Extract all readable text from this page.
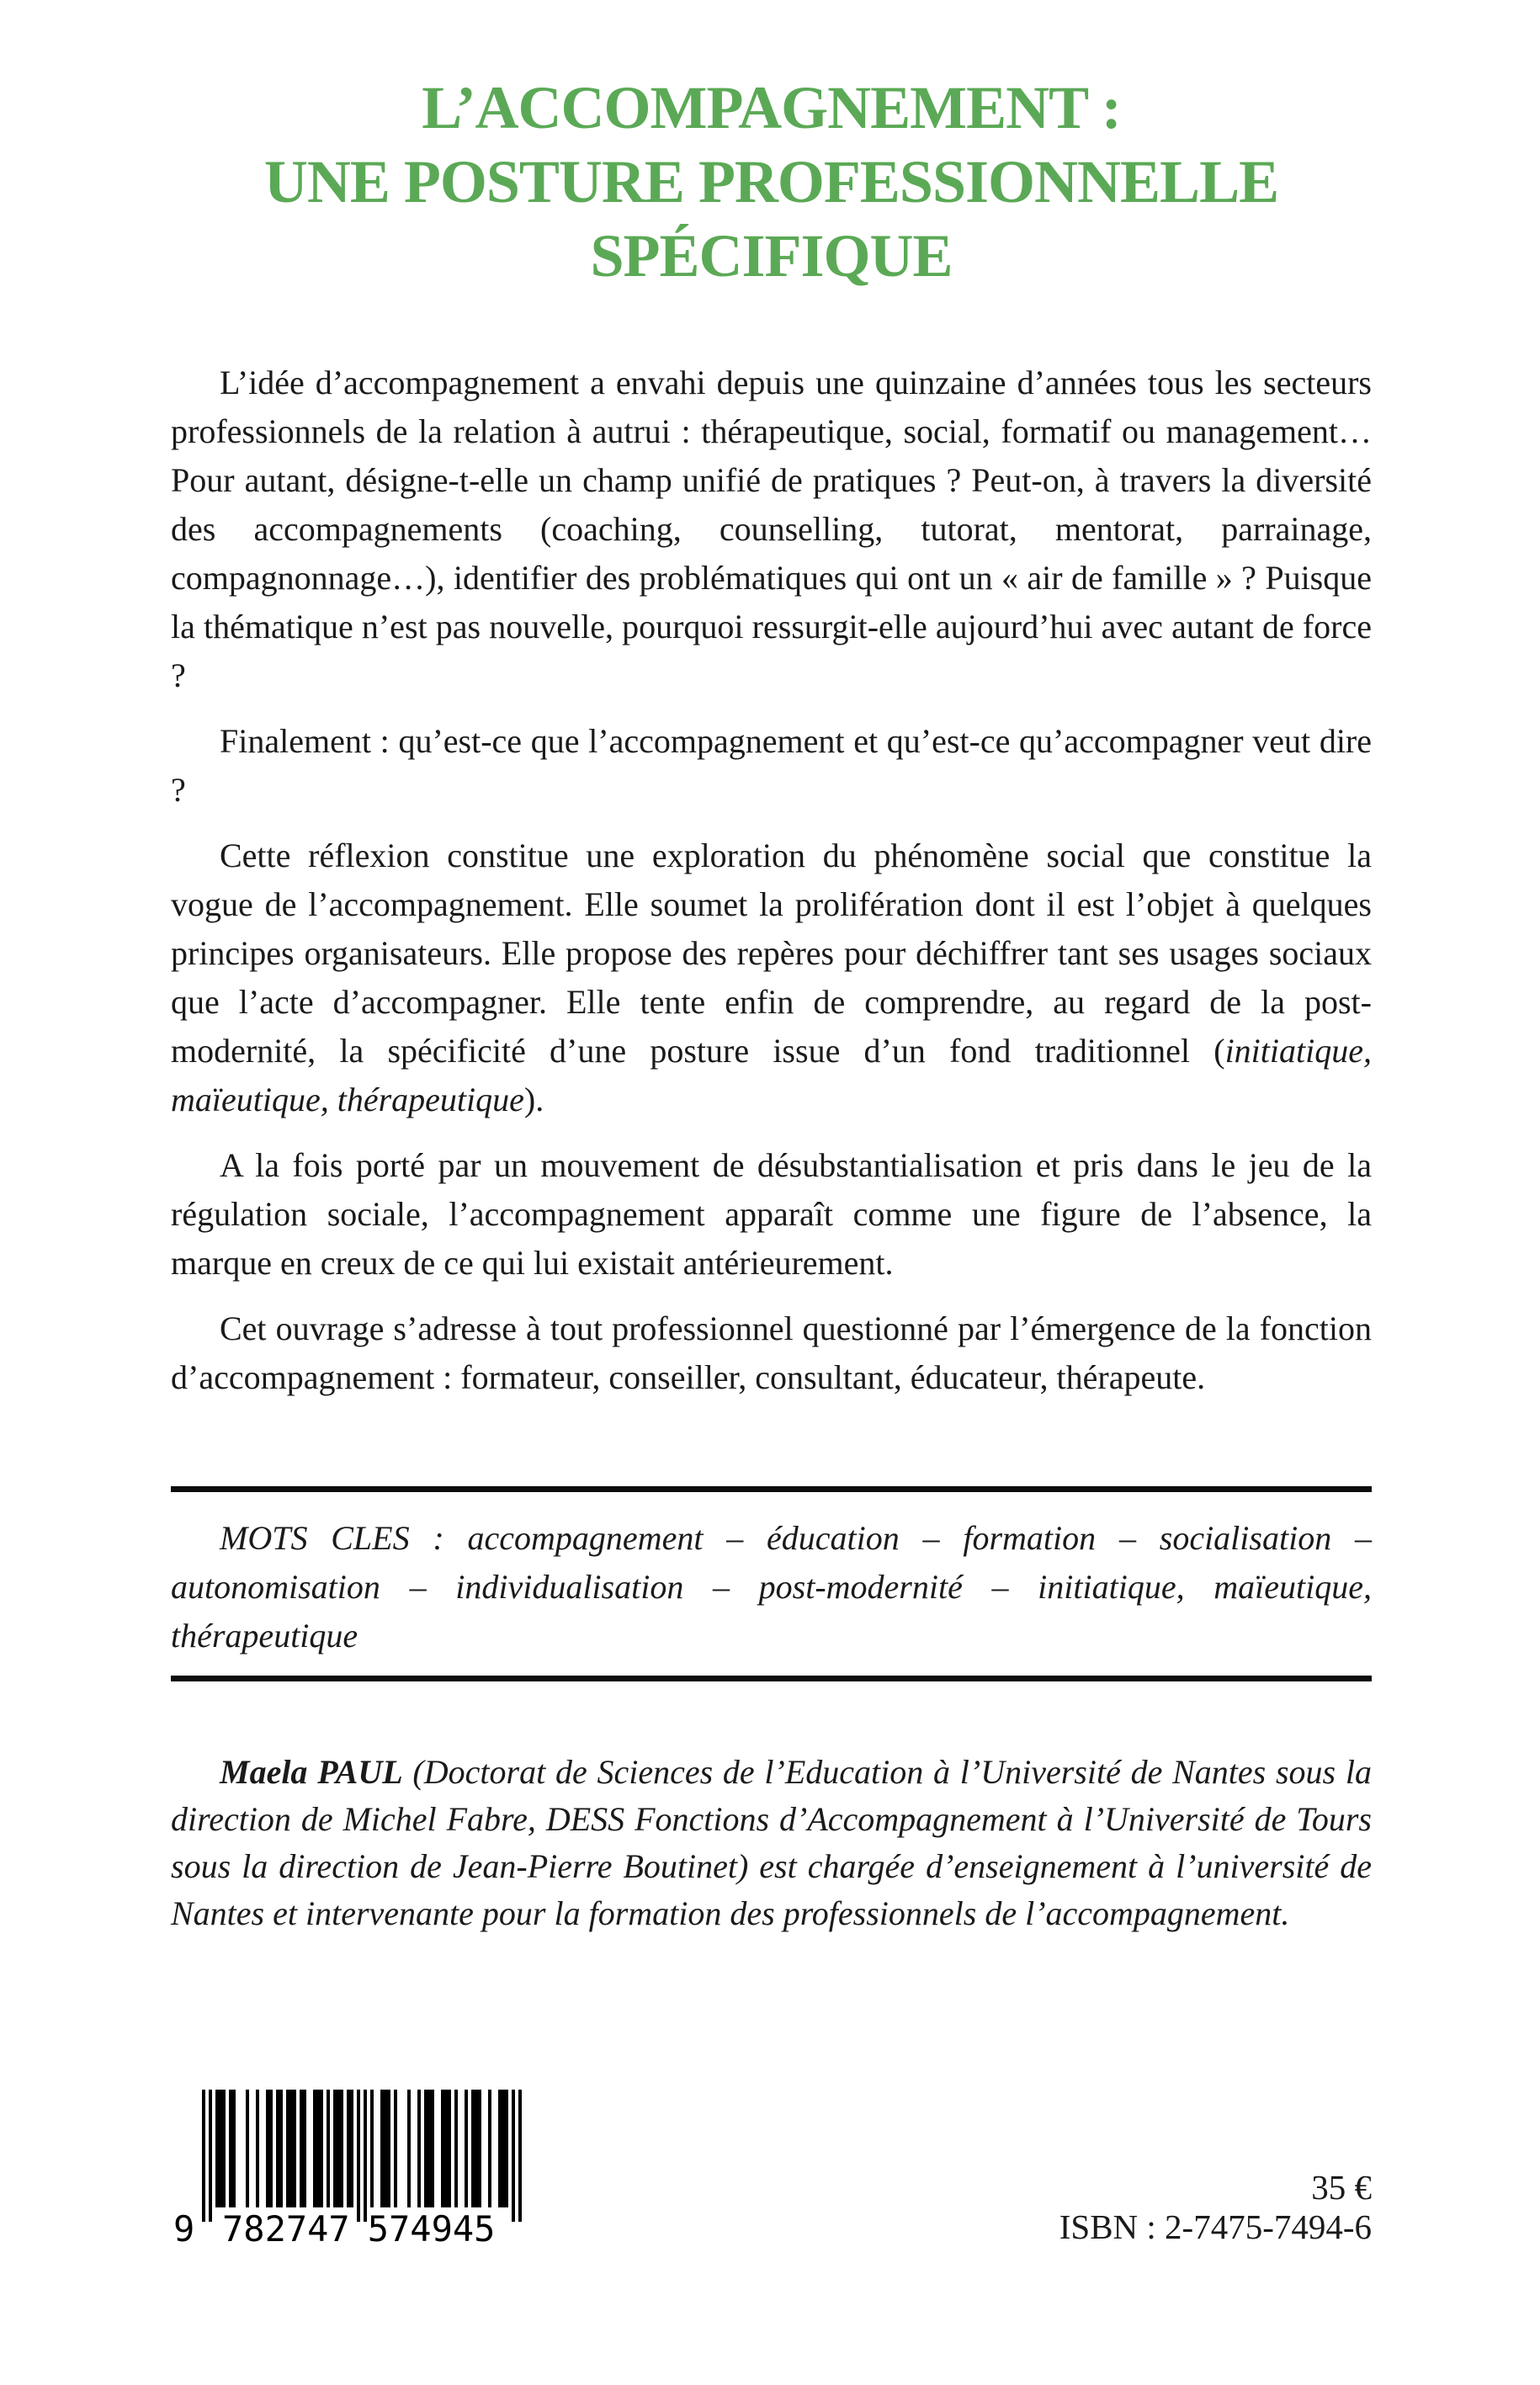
L’ACCOMPAGNEMENT :
UNE POSTURE PROFESSIONNELLE SPÉCIFIQUE

L’idée d’accompagnement a envahi depuis une quinzaine d’années tous les secteurs professionnels de la relation à autrui : thérapeutique, social, formatif ou management… Pour autant, désigne-t-elle un champ unifié de pratiques ? Peut-on, à travers la diversité des accompagnements (coaching, counselling, tutorat, mentorat, parrainage, compagnonnage…), identifier des problématiques qui ont un « air de famille » ? Puisque la thématique n’est pas nouvelle, pourquoi ressurgit-elle aujourd’hui avec autant de force ?

Finalement : qu’est-ce que l’accompagnement et qu’est-ce qu’accompagner veut dire ?

Cette réflexion constitue une exploration du phénomène social que constitue la vogue de l’accompagnement. Elle soumet la prolifération dont il est l’objet à quelques principes organisateurs. Elle propose des repères pour déchiffrer tant ses usages sociaux que l’acte d’accompagner. Elle tente enfin de comprendre, au regard de la post-modernité, la spécificité d’une posture issue d’un fond traditionnel (initiatique, maïeutique, thérapeutique).

A la fois porté par un mouvement de désubstantialisation et pris dans le jeu de la régulation sociale, l’accompagnement apparaît comme une figure de l’absence, la marque en creux de ce qui lui existait antérieurement.

Cet ouvrage s’adresse à tout professionnel questionné par l’émergence de la fonction d’accompagnement : formateur, conseiller, consultant, éducateur, thérapeute.

MOTS CLES : accompagnement – éducation – formation – socialisation – autonomisation – individualisation – post-modernité – initiatique, maïeutique, thérapeutique

Maela PAUL (Doctorat de Sciences de l’Education à l’Université de Nantes sous la direction de Michel Fabre, DESS Fonctions d’Accompagnement à l’Université de Tours sous la direction de Jean-Pierre Boutinet) est chargée d’enseignement à l’université de Nantes et intervenante pour la formation des professionnels de l’accompagnement.

9 782747 574945
35 €
ISBN : 2-7475-7494-6
